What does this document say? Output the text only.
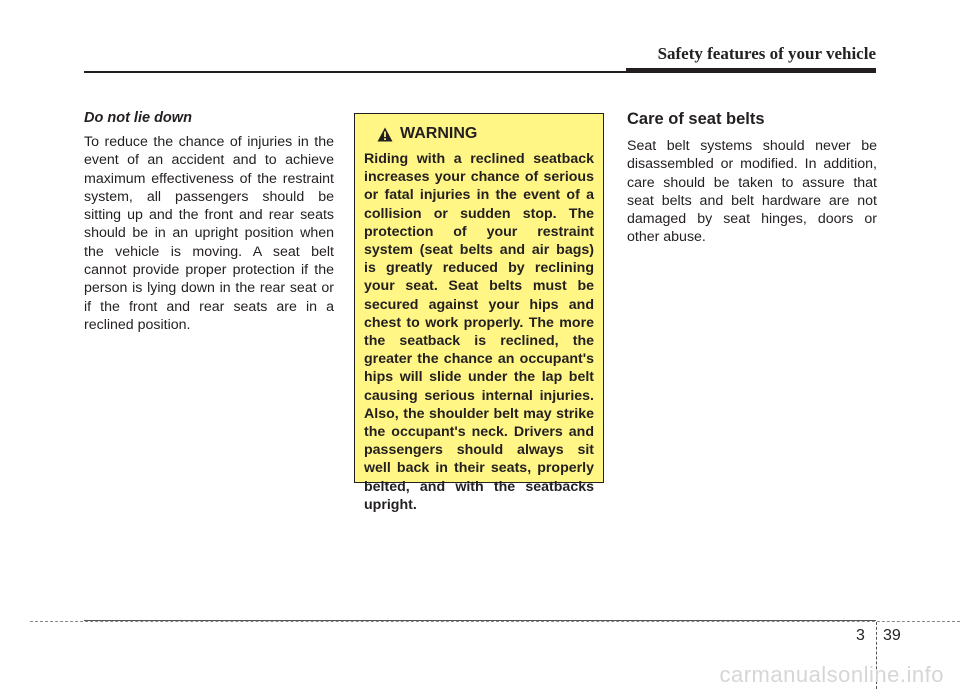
Safety features of your vehicle
Do not lie down

To reduce the chance of injuries in the event of an accident and to achieve maximum effectiveness of the restraint system, all passengers should be sitting up and the front and rear seats should be in an upright position when the vehicle is moving. A seat belt cannot provide proper protection if the person is lying down in the rear seat or if the front and rear seats are in a reclined position.

WARNING

Riding with a reclined seatback increases your chance of serious or fatal injuries in the event of a collision or sudden stop. The protection of your restraint system (seat belts and air bags) is greatly reduced by reclining your seat. Seat belts must be secured against your hips and chest to work properly. The more the seatback is reclined, the greater the chance an occupant's hips will slide under the lap belt causing serious internal injuries. Also, the shoulder belt may strike the occupant's neck. Drivers and passengers should always sit well back in their seats, properly belted, and with the seatbacks upright.

Care of seat belts

Seat belt systems should never be disassembled or modified. In addition, care should be taken to assure that seat belts and belt hardware are not damaged by seat hinges, doors or other abuse.

3 39

carmanualsonline.info
